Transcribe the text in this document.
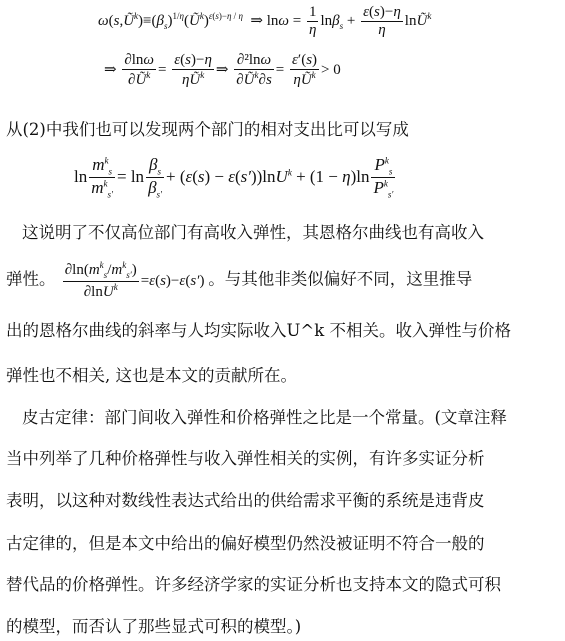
$\omega(s,Ũ^k)\equiv(\beta_s)^{1/\eta}(Ũ^k)^{\varepsilon(s)-\eta / \eta}$  ⇒ $\ln\omega = \frac{1}{\eta} \ln\beta_s + \frac{\varepsilon(s)-\eta}{\eta}$ lnŨ$^k$
⇒ $\frac{\partial\ln\omega}{\partial Ũ^k} = \frac{\varepsilon(s)-\eta}{\eta Ũ^k}$ ⇒ $\frac{\text{∂²lnω}}{\partial Ũ^k\partial s} = \frac{\varepsilon'(s)}{\eta Ũ^k} > 0$
从(2)中我们也可以发现两个部门的相对支出比可以写成
$\ln \frac{m^k_s}{m^k_{s'}} = \ln \frac{\beta_s}{\beta_{s'}} + (\varepsilon(s) - \varepsilon(s'))\ln U^k + (1 - \eta)\ln \frac{P^k_s}{P^k_{s'}}$
这说明了不仅高位部门有高收入弹性，其恩格尔曲线也有高收入
弹性。 $\frac{\partial\ln(m^k_s/m^k_{s'})}{\partial\ln U^k} =\varepsilon(s)-\varepsilon(s')$ 。与其他非类似偏好不同，这里推导
出的恩格尔曲线的斜率与人均实际收入U^k 不相关。收入弹性与价格
弹性也不相关, 这也是本文的贡献所在。
皮古定律：部门间收入弹性和价格弹性之比是一个常量。(文章注释
当中列举了几种价格弹性与收入弹性相关的实例，有许多实证分析
表明，以这种对数线性表达式给出的供给需求平衡的系统是违背皮
古定律的，但是本文中给出的偏好模型仍然没被证明不符合一般的
替代品的价格弹性。许多经济学家的实证分析也支持本文的隐式可积
的模型，而否认了那些显式可积的模型。)
